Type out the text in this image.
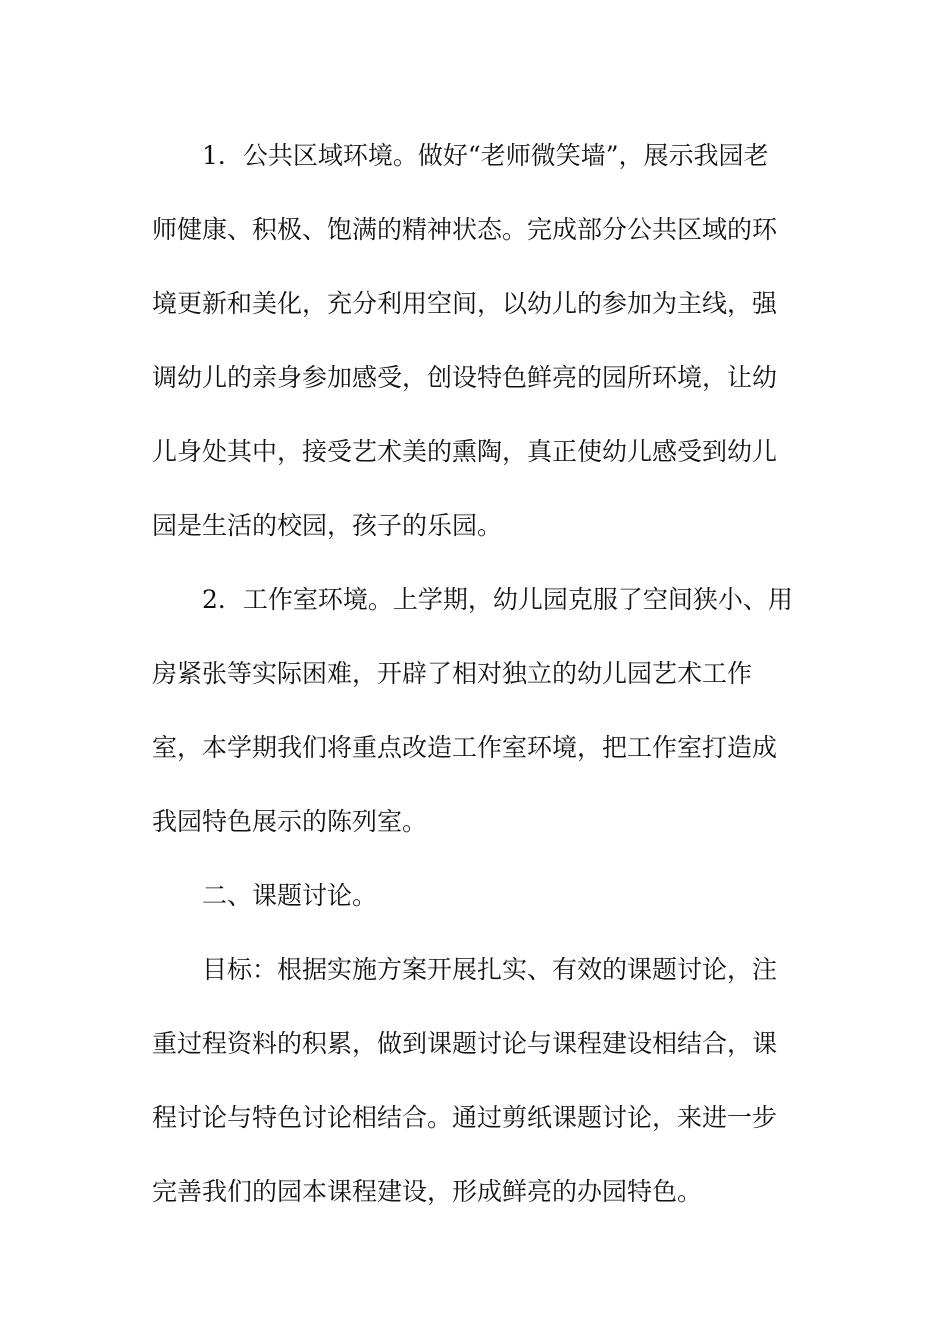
1．公共区域环境。做好“老师微笑墙”，展示我园老

师健康、积极、饱满的精神状态。完成部分公共区域的环

境更新和美化，充分利用空间，以幼儿的参加为主线，强

调幼儿的亲身参加感受，创设特色鲜亮的园所环境，让幼

儿身处其中，接受艺术美的熏陶，真正使幼儿感受到幼儿

园是生活的校园，孩子的乐园。

2．工作室环境。上学期，幼儿园克服了空间狭小、用

房紧张等实际困难，开辟了相对独立的幼儿园艺术工作

室，本学期我们将重点改造工作室环境，把工作室打造成

我园特色展示的陈列室。

二、课题讨论。

目标：根据实施方案开展扎实、有效的课题讨论，注

重过程资料的积累，做到课题讨论与课程建设相结合，课

程讨论与特色讨论相结合。通过剪纸课题讨论，来进一步

完善我们的园本课程建设，形成鲜亮的办园特色。
